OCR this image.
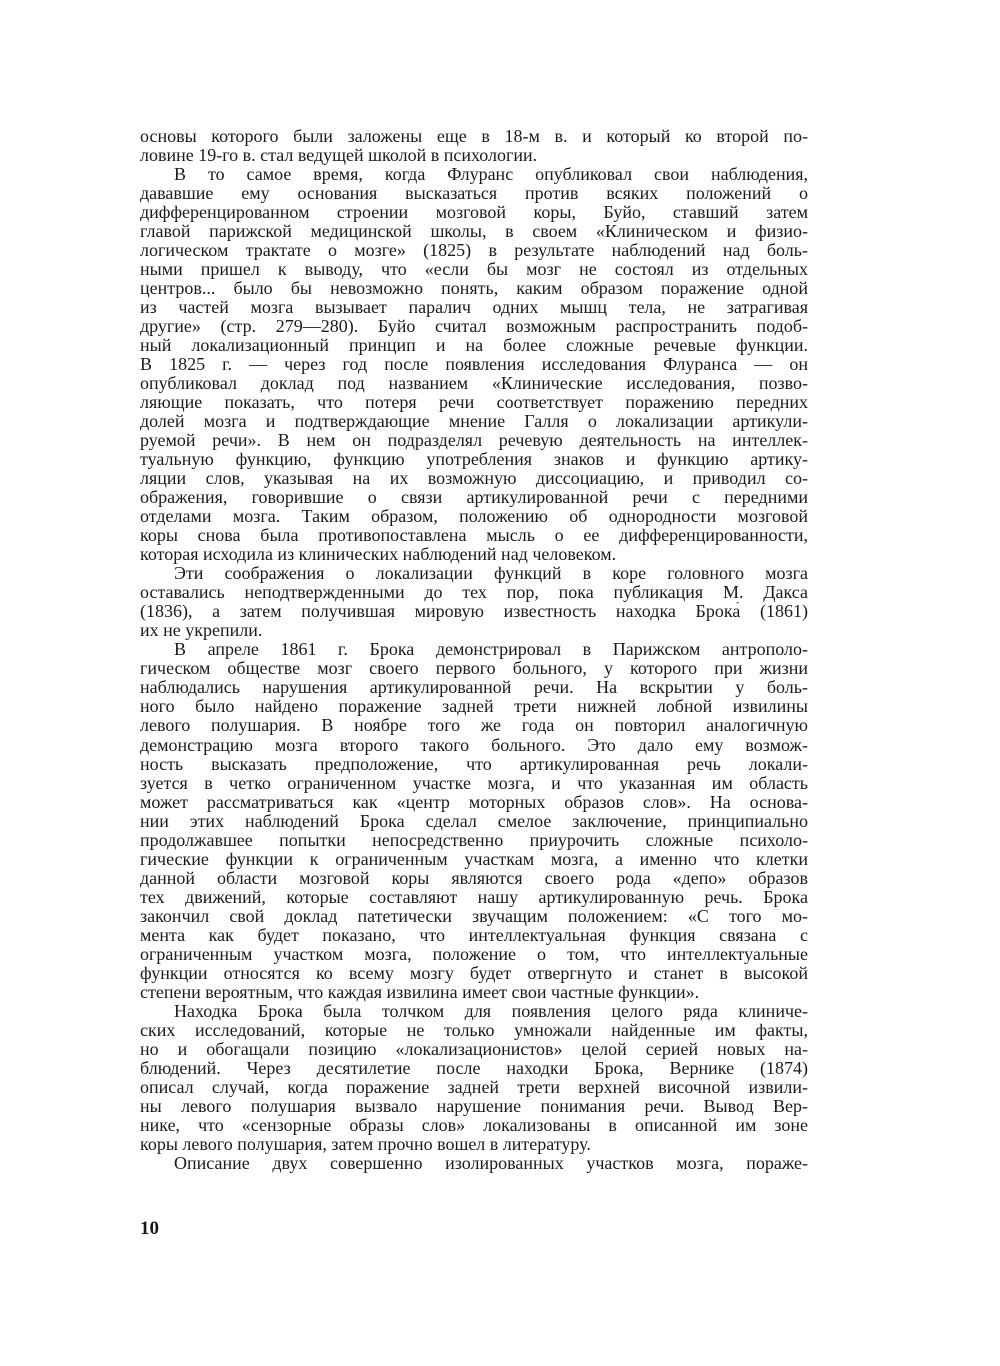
основы которого были заложены еще в 18-м в. и который ко второй по-
ловине 19-го в. стал ведущей школой в психологии.
В то самое время, когда Флуранс опубликовал свои наблюдения,
дававшие ему основания высказаться против всяких положений о
дифференцированном строении мозговой коры, Буйо, ставший затем
главой парижской медицинской школы, в своем «Клиническом и физио-
логическом трактате о мозге» (1825) в результате наблюдений над боль-
ными пришел к выводу, что «если бы мозг не состоял из отдельных
центров... было бы невозможно понять, каким образом поражение одной
из частей мозга вызывает паралич одних мышц тела, не затрагивая
другие» (стр. 279—280). Буйо считал возможным распространить подоб-
ный локализационный принцип и на более сложные речевые функции.
В 1825 г. — через год после появления исследования Флуранса — он
опубликовал доклад под названием «Клинические исследования, позво-
ляющие показать, что потеря речи соответствует поражению передних
долей мозга и подтверждающие мнение Галля о локализации артикули-
руемой речи». В нем он подразделял речевую деятельность на интеллек-
туальную функцию, функцию употребления знаков и функцию артику-
ляции слов, указывая на их возможную диссоциацию, и приводил со-
ображения, говорившие о связи артикулированной речи с передними
отделами мозга. Таким образом, положению об однородности мозговой
коры снова была противопоставлена мысль о ее дифференцированности,
которая исходила из клинических наблюдений над человеком.
Эти соображения о локализации функций в коре головного мозга
оставались неподтвержденными до тех пор, пока публикация М. Дакса
(1836), а затем получившая мировую известность находка Брока́ (1861)
их не укрепили.
В апреле 1861 г. Брока демонстрировал в Парижском антрополо-
гическом обществе мозг своего первого больного, у которого при жизни
наблюдались нарушения артикулированной речи. На вскрытии у боль-
ного было найдено поражение задней трети нижней лобной извилины
левого полушария. В ноябре того же года он повторил аналогичную
демонстрацию мозга второго такого больного. Это дало ему возмож-
ность высказать предположение, что артикулированная речь локали-
зуется в четко ограниченном участке мозга, и что указанная им область
может рассматриваться как «центр моторных образов слов». На основа-
нии этих наблюдений Брока сделал смелое заключение, принципиально
продолжавшее попытки непосредственно приурочить сложные психоло-
гические функции к ограниченным участкам мозга, а именно что клетки
данной области мозговой коры являются своего рода «депо» образов
тех движений, которые составляют нашу артикулированную речь. Брока
закончил свой доклад патетически звучащим положением: «С того мо-
мента как будет показано, что интеллектуальная функция связана с
ограниченным участком мозга, положение о том, что интеллектуальные
функции относятся ко всему мозгу будет отвергнуто и станет в высокой
степени вероятным, что каждая извилина имеет свои частные функции».
Находка Брока была толчком для появления целого ряда клиниче-
ских исследований, которые не только умножали найденные им факты,
но и обогащали позицию «локализационистов» целой серией новых на-
блюдений. Через десятилетие после находки Брока, Вернике (1874)
описал случай, когда поражение задней трети верхней височной извили-
ны левого полушария вызвало нарушение понимания речи. Вывод Вер-
нике, что «сензорные образы слов» локализованы в описанной им зоне
коры левого полушария, затем прочно вошел в литературу.
Описание двух совершенно изолированных участков мозга, пораже-
10
